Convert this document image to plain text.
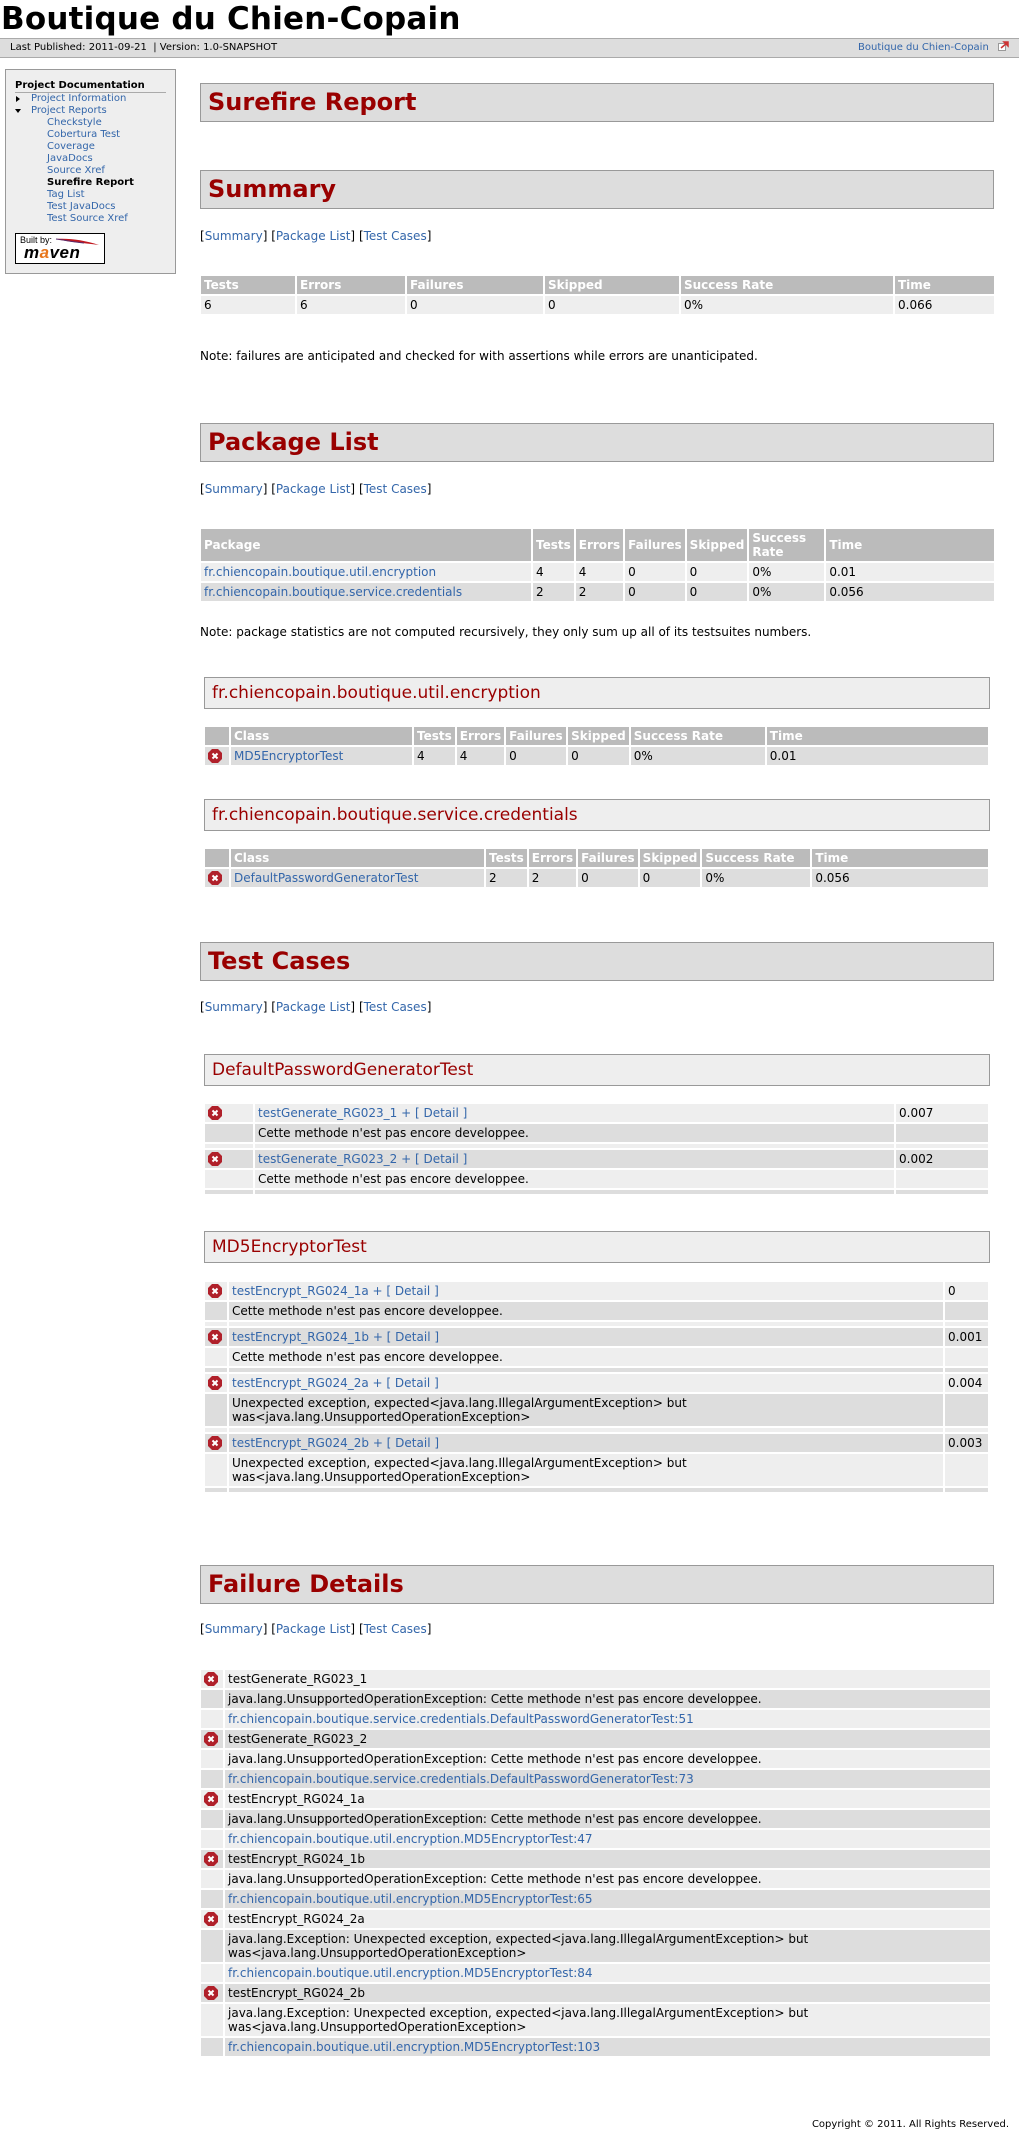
Boutique du Chien-Copain
Last Published: 2011-09-21 | Version: 1.0-SNAPSHOT	Boutique du Chien-Copain
Project Documentation
Project Information
Project Reports
Checkstyle
Cobertura Test
Coverage
JavaDocs
Source Xref
Surefire Report
Tag List
Test JavaDocs
Test Source Xref
Built by:
maven
Surefire Report
Summary
[Summary] [Package List] [Test Cases]
Tests	Errors	Failures	Skipped	Success Rate	Time
6	6	0	0	0%	0.066
Note: failures are anticipated and checked for with assertions while errors are unanticipated.
Package List
[Summary] [Package List] [Test Cases]
Package	Tests	Errors	Failures	Skipped	Success Rate	Time
fr.chiencopain.boutique.util.encryption	4	4	0	0	0%	0.01
fr.chiencopain.boutique.service.credentials	2	2	0	0	0%	0.056
Note: package statistics are not computed recursively, they only sum up all of its testsuites numbers.
fr.chiencopain.boutique.util.encryption
	Class	Tests	Errors	Failures	Skipped	Success Rate	Time
	MD5EncryptorTest	4	4	0	0	0%	0.01
fr.chiencopain.boutique.service.credentials
	Class	Tests	Errors	Failures	Skipped	Success Rate	Time
	DefaultPasswordGeneratorTest	2	2	0	0	0%	0.056
Test Cases
[Summary] [Package List] [Test Cases]
DefaultPasswordGeneratorTest
	testGenerate_RG023_1 + [ Detail ]	0.007
	Cette methode n'est pas encore developpee.	

	testGenerate_RG023_2 + [ Detail ]	0.002
	Cette methode n'est pas encore developpee.	

MD5EncryptorTest
	testEncrypt_RG024_1a + [ Detail ]	0
	Cette methode n'est pas encore developpee.	

	testEncrypt_RG024_1b + [ Detail ]	0.001
	Cette methode n'est pas encore developpee.	

	testEncrypt_RG024_2a + [ Detail ]	0.004
	Unexpected exception, expected<java.lang.IllegalArgumentException> but
was<java.lang.UnsupportedOperationException>	

	testEncrypt_RG024_2b + [ Detail ]	0.003
	Unexpected exception, expected<java.lang.IllegalArgumentException> but
was<java.lang.UnsupportedOperationException>	

Failure Details
[Summary] [Package List] [Test Cases]
	testGenerate_RG023_1
	java.lang.UnsupportedOperationException: Cette methode n'est pas encore developpee.
	fr.chiencopain.boutique.service.credentials.DefaultPasswordGeneratorTest:51
	testGenerate_RG023_2
	java.lang.UnsupportedOperationException: Cette methode n'est pas encore developpee.
	fr.chiencopain.boutique.service.credentials.DefaultPasswordGeneratorTest:73
	testEncrypt_RG024_1a
	java.lang.UnsupportedOperationException: Cette methode n'est pas encore developpee.
	fr.chiencopain.boutique.util.encryption.MD5EncryptorTest:47
	testEncrypt_RG024_1b
	java.lang.UnsupportedOperationException: Cette methode n'est pas encore developpee.
	fr.chiencopain.boutique.util.encryption.MD5EncryptorTest:65
	testEncrypt_RG024_2a
	java.lang.Exception: Unexpected exception, expected<java.lang.IllegalArgumentException> but
was<java.lang.UnsupportedOperationException>
	fr.chiencopain.boutique.util.encryption.MD5EncryptorTest:84
	testEncrypt_RG024_2b
	java.lang.Exception: Unexpected exception, expected<java.lang.IllegalArgumentException> but
was<java.lang.UnsupportedOperationException>
	fr.chiencopain.boutique.util.encryption.MD5EncryptorTest:103
Copyright © 2011. All Rights Reserved.
